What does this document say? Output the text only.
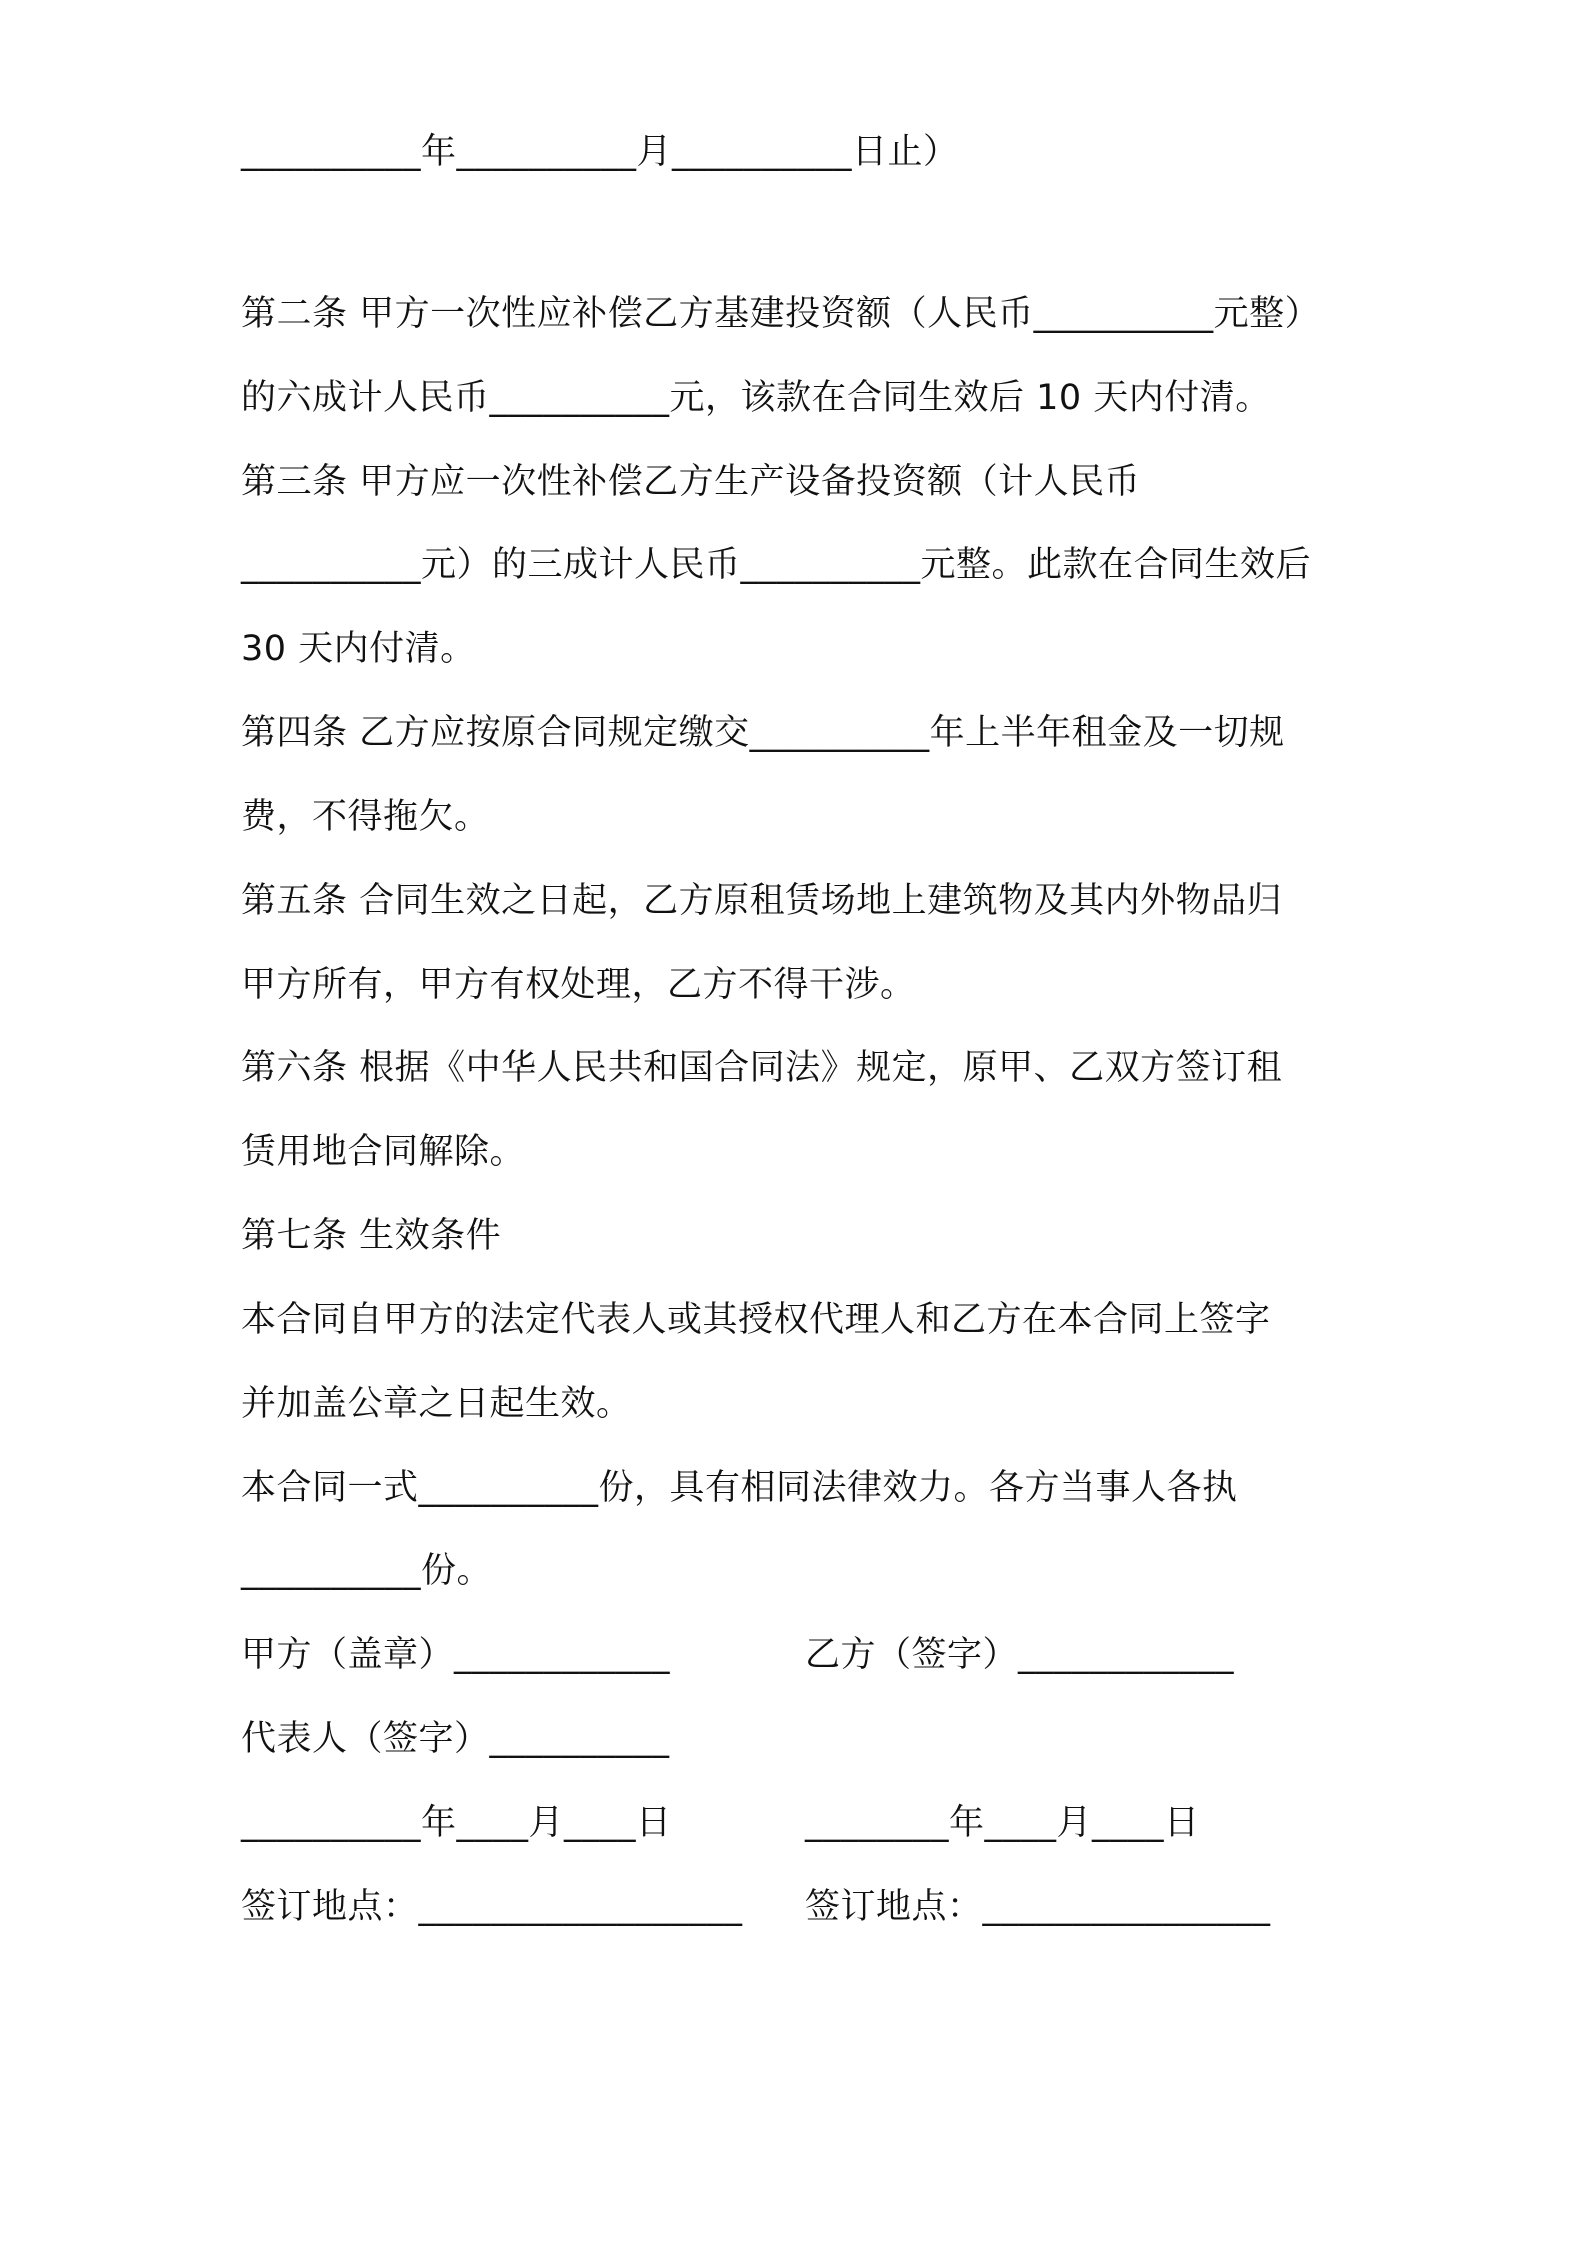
__________年__________月__________日止）
第二条 甲方一次性应补偿乙方基建投资额（人民币__________元整）
的六成计人民币__________元，该款在合同生效后 10 天内付清。
第三条 甲方应一次性补偿乙方生产设备投资额（计人民币
__________元）的三成计人民币__________元整。此款在合同生效后
30 天内付清。
第四条 乙方应按原合同规定缴交__________年上半年租金及一切规
费，不得拖欠。
第五条 合同生效之日起，乙方原租赁场地上建筑物及其内外物品归
甲方所有，甲方有权处理，乙方不得干涉。
第六条 根据《中华人民共和国合同法》规定，原甲、乙双方签订租
赁用地合同解除。
第七条 生效条件
本合同自甲方的法定代表人或其授权代理人和乙方在本合同上签字
并加盖公章之日起生效。
本合同一式__________份，具有相同法律效力。各方当事人各执
__________份。
甲方（盖章）____________	乙方（签字）____________
代表人（签字）__________
__________年____月____日	________年____月____日
签订地点：__________________ 签订地点：________________
